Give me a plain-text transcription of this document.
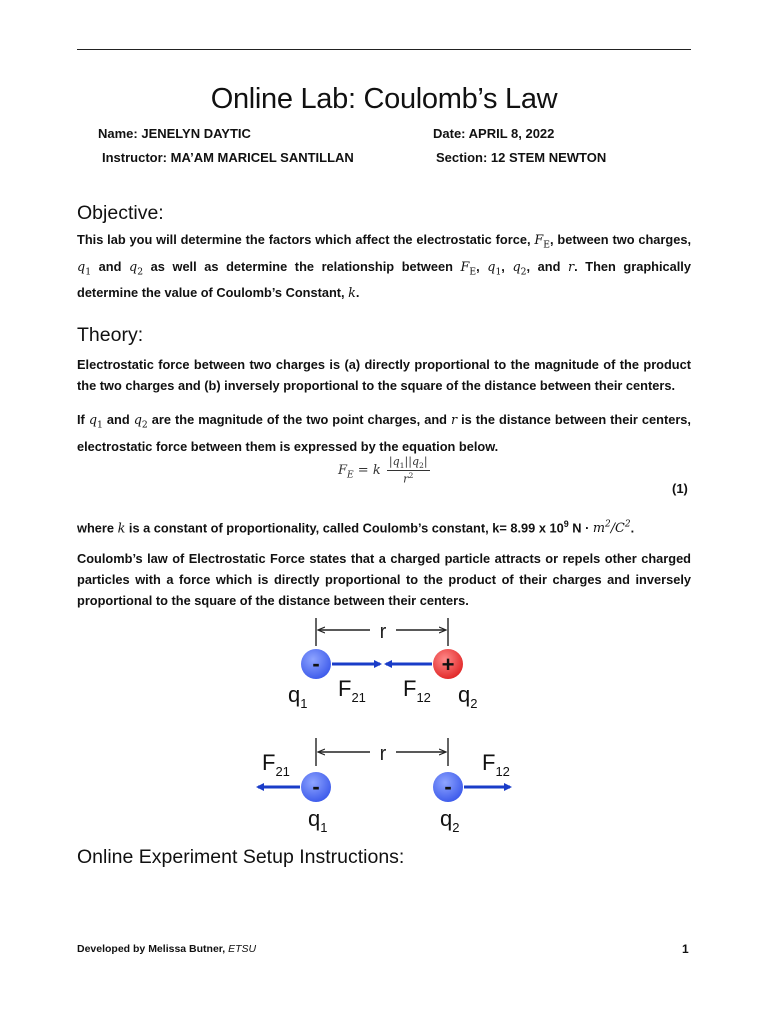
Online Lab: Coulomb’s Law
Name: JENELYN DAYTIC	Date: APRIL 8, 2022
Instructor: MA’AM MARICEL SANTILLAN	Section: 12 STEM NEWTON
Objective:
This lab you will determine the factors which affect the electrostatic force, $F_E$, between two charges, $q_1$ and $q_2$ as well as determine the relationship between $F_E$, $q_1$, $q_2$, and r. Then graphically determine the value of Coulomb’s Constant, k.
Theory:
Electrostatic force between two charges is (a) directly proportional to the magnitude of the product the two charges and (b) inversely proportional to the square of the distance between their centers.
If $q_1$ and $q_2$ are the magnitude of the two point charges, and r is the distance between their centers, electrostatic force between them is expressed by the equation below.
$F_E = k \frac{|q_1||q_2|}{r^2}$
(1)
where k is a constant of proportionality, called Coulomb’s constant, k= 8.99 x $10^9$ $N \cdot m^2/C^2$.
Coulomb’s law of Electrostatic Force states that a charged particle attracts or repels other charged particles with a force which is directly proportional to the product of their charges and inversely proportional to the square of the distance between their centers.
r
-	+
$q_1$
$F_{21}$ $F_{12}$ $q_2$
r
-	-
$F_{21}$	$F_{12}$
$q_1$	$q_2$
Online Experiment Setup Instructions:
Developed by Melissa Butner, ETSU	1
